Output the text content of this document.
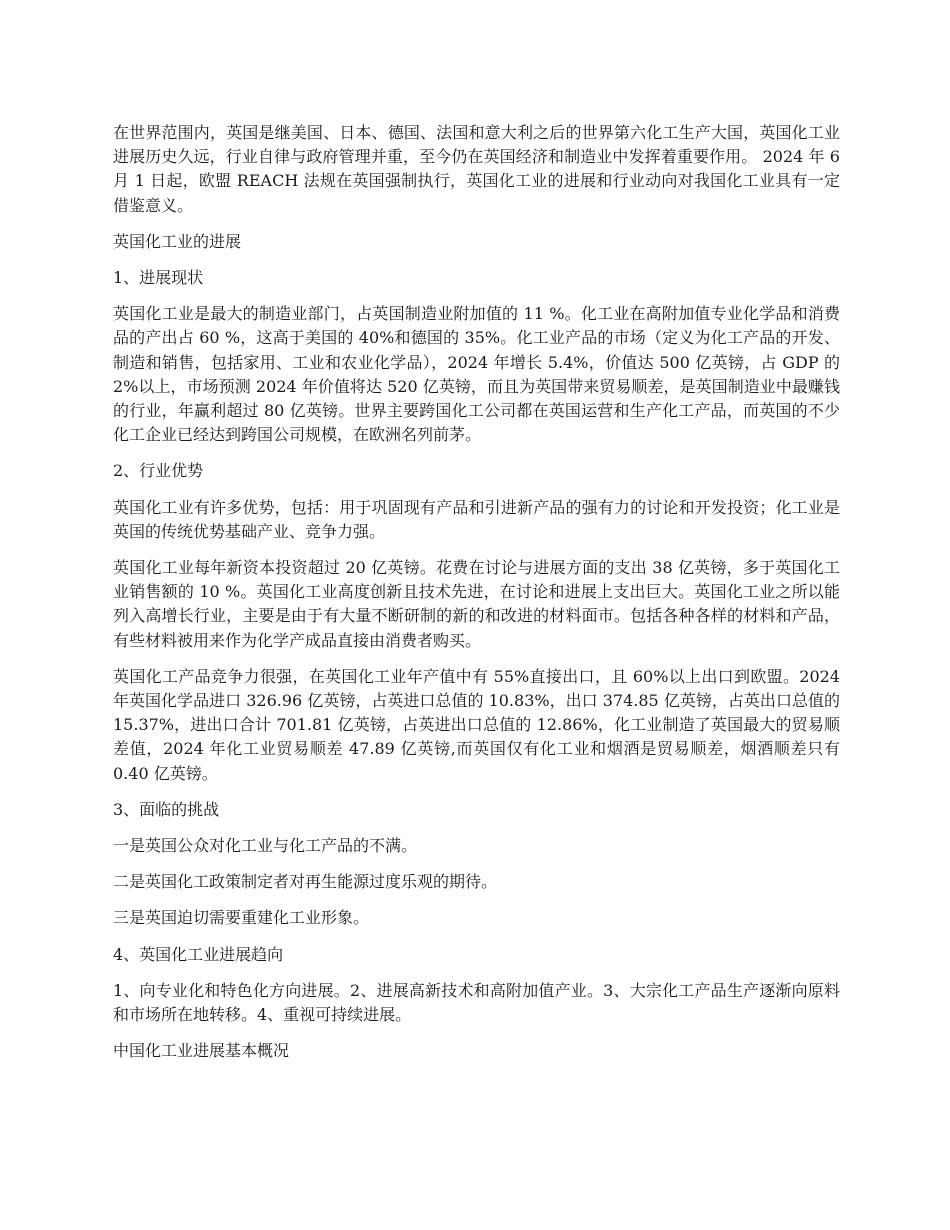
在世界范围内，英国是继美国、日本、德国、法国和意大利之后的世界第六化工生产大国，英国化工业进展历史久远，行业自律与政府管理并重，至今仍在英国经济和制造业中发挥着重要作用。 2024 年 6 月 1 日起，欧盟 REACH 法规在英国强制执行，英国化工业的进展和行业动向对我国化工业具有一定借鉴意义。

英国化工业的进展

1、进展现状

英国化工业是最大的制造业部门，占英国制造业附加值的 11 %。化工业在高附加值专业化学品和消费品的产出占 60 %，这高于美国的 40%和德国的 35%。化工业产品的市场（定义为化工产品的开发、制造和销售，包括家用、工业和农业化学品），2024 年增长 5.4%，价值达 500 亿英镑，占 GDP 的 2%以上，市场预测 2024 年价值将达 520 亿英镑，而且为英国带来贸易顺差，是英国制造业中最赚钱的行业，年赢利超过 80 亿英镑。世界主要跨国化工公司都在英国运营和生产化工产品，而英国的不少化工企业已经达到跨国公司规模，在欧洲名列前茅。

2、行业优势

英国化工业有许多优势，包括：用于巩固现有产品和引进新产品的强有力的讨论和开发投资；化工业是英国的传统优势基础产业、竞争力强。

英国化工业每年新资本投资超过 20 亿英镑。花费在讨论与进展方面的支出 38 亿英镑，多于英国化工业销售额的 10 %。英国化工业高度创新且技术先进，在讨论和进展上支出巨大。英国化工业之所以能列入高增长行业，主要是由于有大量不断研制的新的和改进的材料面市。包括各种各样的材料和产品，有些材料被用来作为化学产成品直接由消费者购买。

英国化工产品竞争力很强，在英国化工业年产值中有 55%直接出口，且 60%以上出口到欧盟。2024 年英国化学品进口 326.96 亿英镑，占英进口总值的 10.83%，出口 374.85 亿英镑，占英出口总值的 15.37%，进出口合计 701.81 亿英镑，占英进出口总值的 12.86%，化工业制造了英国最大的贸易顺差值，2024 年化工业贸易顺差 47.89 亿英镑,而英国仅有化工业和烟酒是贸易顺差，烟酒顺差只有 0.40 亿英镑。

3、面临的挑战

一是英国公众对化工业与化工产品的不满。

二是英国化工政策制定者对再生能源过度乐观的期待。

三是英国迫切需要重建化工业形象。

4、英国化工业进展趋向

1、向专业化和特色化方向进展。2、进展高新技术和高附加值产业。3、大宗化工产品生产逐渐向原料和市场所在地转移。4、重视可持续进展。

中国化工业进展基本概况
